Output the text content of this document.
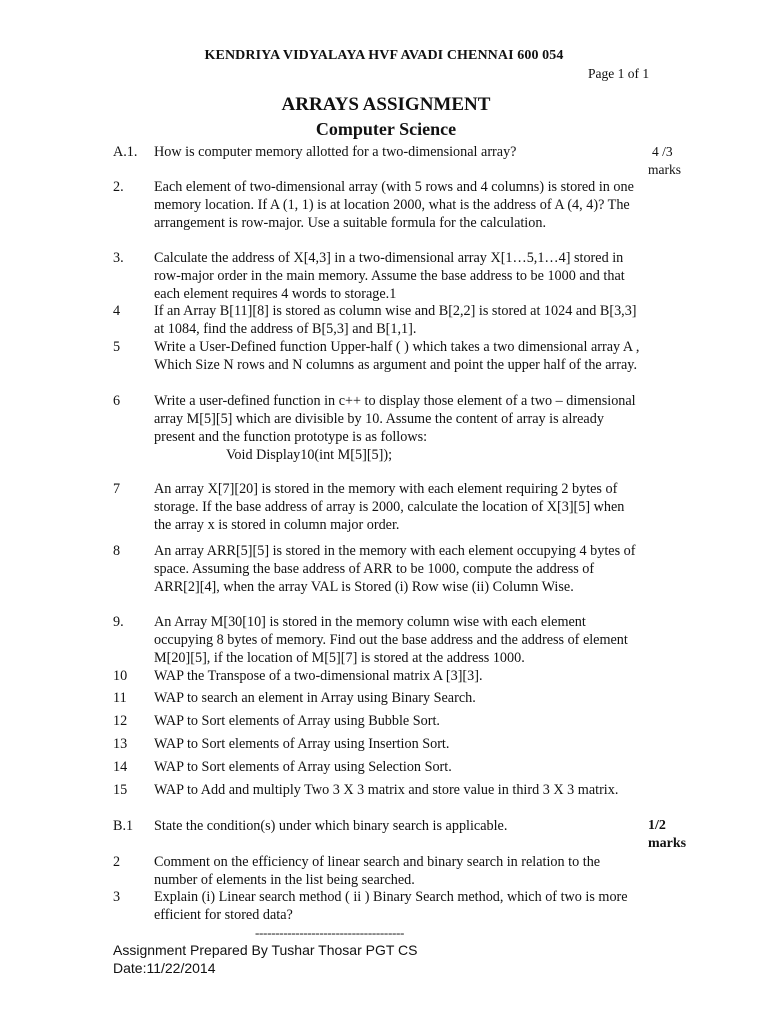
KENDRIYA VIDYALAYA HVF AVADI CHENNAI 600 054
Page 1 of 1
ARRAYS ASSIGNMENT
Computer Science
A.1.	How is computer memory allotted for a two-dimensional array?	4 /3
marks
2.	Each element of two-dimensional array (with 5 rows and 4 columns) is stored in one memory location. If A (1, 1) is at location 2000, what is the address of A (4, 4)? The arrangement is row-major. Use a suitable formula for the calculation.
3.	Calculate the address of X[4,3] in a two-dimensional array X[1…5,1…4] stored in row-major order in the main memory. Assume the base address to be 1000 and that each element requires 4 words to storage.1
4	If an Array B[11][8] is stored as column wise and B[2,2] is stored at 1024 and B[3,3] at 1084, find the address of B[5,3] and B[1,1].
5	Write a User-Defined function Upper-half ( ) which takes a two dimensional array A , Which Size N rows and N columns as argument and point the upper half of the array.
6	Write a user-defined function in c++ to display those element of a two – dimensional array M[5][5] which are divisible by 10. Assume the content of array is already present and the function prototype is as follows:
Void Display10(int M[5][5]);
7	An array X[7][20] is stored in the memory with each element requiring 2 bytes of storage. If the base address of array is 2000, calculate the location of X[3][5] when the array x is stored in column major order.
8	An array ARR[5][5] is stored in the memory with each element occupying 4 bytes of space. Assuming the base address of ARR to be 1000, compute the address of ARR[2][4], when the array VAL is Stored (i) Row wise (ii) Column Wise.
9.	An Array M[30[10] is stored in the memory column wise with each element occupying 8 bytes of memory. Find out the base address and the address of element M[20][5], if the location of M[5][7] is stored at the address 1000.
10	WAP the Transpose of a two-dimensional matrix A [3][3].
11	WAP to search an element in Array using Binary Search.
12	WAP to Sort elements of Array using Bubble Sort.
13	WAP to Sort elements of Array using Insertion Sort.
14	WAP to Sort elements of Array using Selection Sort.
15	WAP to Add and multiply Two 3 X 3 matrix and store value in third 3 X 3 matrix.
B.1	State the condition(s) under which binary search is applicable.	1/2
marks
2	Comment on the efficiency of linear search and binary search in relation to the number of elements in the list being searched.
3	Explain (i) Linear search method ( ii ) Binary Search method, which of two is more efficient for stored data?
-------------------------------------
Assignment Prepared By Tushar Thosar PGT CS
Date:11/22/2014
